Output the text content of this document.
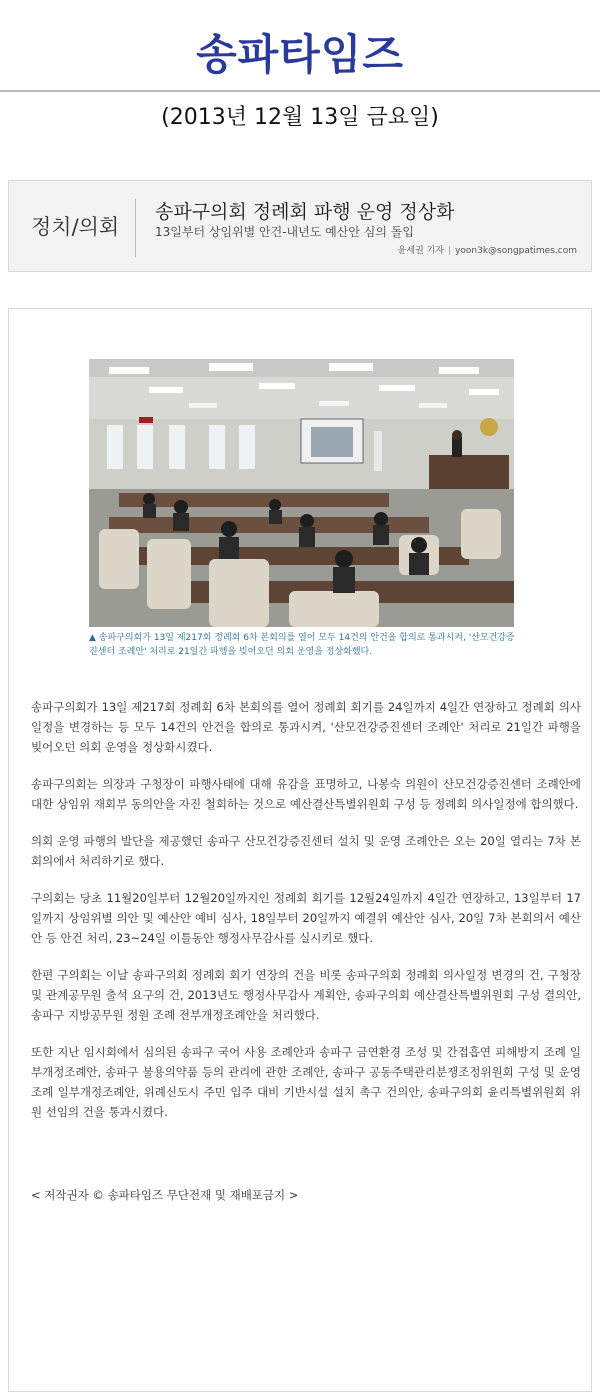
송파타임즈
(2013년 12월 13일 금요일)
정치/의회
송파구의회 정례회 파행 운영 정상화
13일부터 상임위별 안건-내년도 예산안 심의 돌입
윤세권 기자 | yoon3k@songpatimes.com
▲ 송파구의회가 13일 제217회 정례회 6차 본회의를 열어 모두 14건의 안건을 합의로 통과시켜, '산모건강증진센터 조례안' 처리로 21일간 파행을 빚어오던 의회 운영을 정상화했다.

송파구의회가 13일 제217회 정례회 6차 본회의를 열어 정례회 회기를 24일까지 4일간 연장하고 정례회 의사일정을 변경하는 등 모두 14건의 안건을 합의로 통과시켜, '산모건강증진센터 조례안' 처리로 21일간 파행을 빚어오던 의회 운영을 정상화시켰다.

송파구의회는 의장과 구청장이 파행사태에 대해 유감을 표명하고, 나봉숙 의원이 산모건강증진센터 조례안에 대한 상임위 재회부 동의안을 자진 철회하는 것으로 예산결산특별위원회 구성 등 정례회 의사일정에 합의했다.

의회 운영 파행의 발단을 제공했던 송파구 산모건강증진센터 설치 및 운영 조례안은 오는 20일 열리는 7차 본회의에서 처리하기로 했다.

구의회는 당초 11월20일부터 12월20일까지인 정례회 회기를 12월24일까지 4일간 연장하고, 13일부터 17일까지 상임위별 의안 및 예산안 예비 심사, 18일부터 20일까지 예결위 예산안 심사, 20일 7차 본회의서 예산안 등 안건 처리, 23~24일 이틀동안 행정사무감사를 실시키로 했다.

한편 구의회는 이날 송파구의회 정례회 회기 연장의 건을 비롯 송파구의회 정례회 의사일정 변경의 건, 구청장 및 관계공무원 출석 요구의 건, 2013년도 행정사무감사 계획안, 송파구의회 예산결산특별위원회 구성 결의안, 송파구 지방공무원 정원 조례 전부개정조례안을 처리했다.

또한 지난 임시회에서 심의된 송파구 국어 사용 조례안과 송파구 금연환경 조성 및 간접흡연 피해방지 조례 일부개정조례안, 송파구 불용의약품 등의 관리에 관한 조례안, 송파구 공동주택관리분쟁조정위원회 구성 및 운영 조례 일부개정조례안, 위례신도시 주민 입주 대비 기반시설 설치 촉구 건의안, 송파구의회 윤리특별위원회 위원 선임의 건을 통과시켰다.

< 저작권자 © 송파타임즈 무단전재 및 재배포금지 >
